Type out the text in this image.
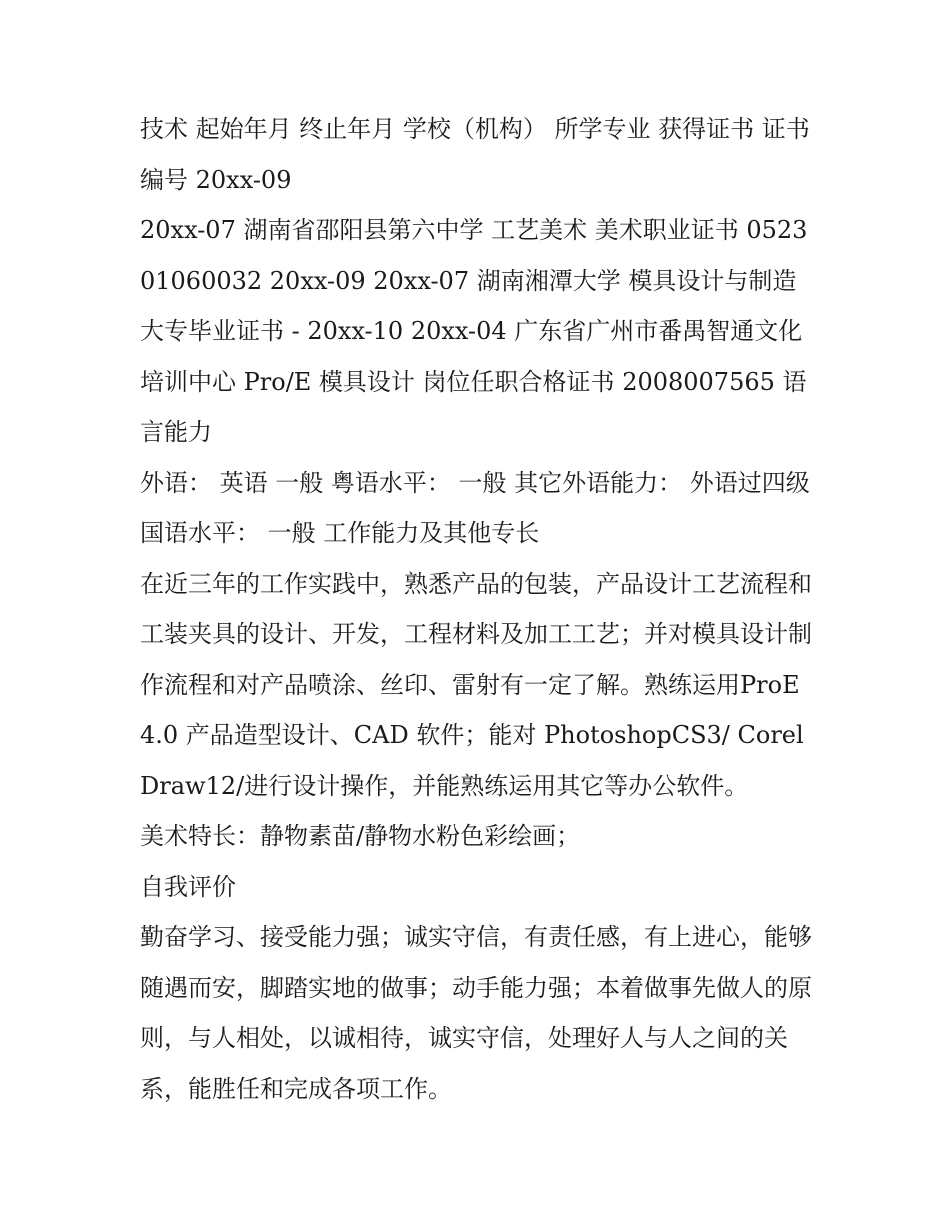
技术 起始年月 终止年月 学校（机构） 所学专业 获得证书 证书编号 20xx-09

20xx-07 湖南省邵阳县第六中学 工艺美术 美术职业证书 052301060032 20xx-09 20xx-07 湖南湘潭大学 模具设计与制造 大专毕业证书 - 20xx-10 20xx-04 广东省广州市番禺智通文化培训中心 Pro/E 模具设计 岗位任职合格证书 2008007565 语言能力

外语： 英语 一般 粤语水平： 一般 其它外语能力： 外语过四级 国语水平： 一般 工作能力及其他专长

在近三年的工作实践中，熟悉产品的包装，产品设计工艺流程和工装夹具的设计、开发，工程材料及加工工艺；并对模具设计制作流程和对产品喷涂、丝印、雷射有一定了解。熟练运用ProE4.0 产品造型设计、CAD 软件；能对 PhotoshopCS3/ CorelDraw12/进行设计操作，并能熟练运用其它等办公软件。

美术特长：静物素苗/静物水粉色彩绘画；

自我评价

勤奋学习、接受能力强；诚实守信，有责任感，有上进心，能够随遇而安，脚踏实地的做事；动手能力强；本着做事先做人的原则，与人相处，以诚相待，诚实守信，处理好人与人之间的关系，能胜任和完成各项工作。
